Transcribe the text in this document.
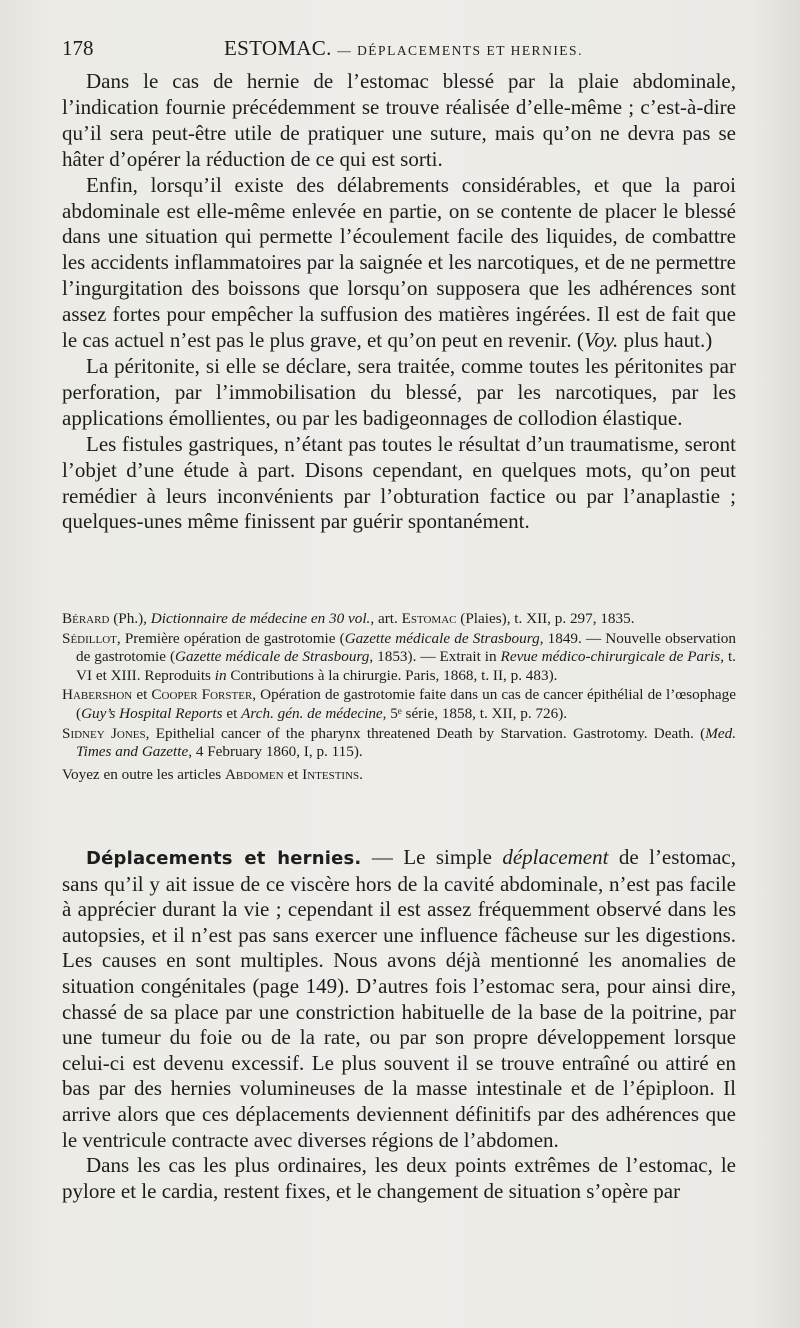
178	ESTOMAC. — DÉPLACEMENTS ET HERNIES.

Dans le cas de hernie de l’estomac blessé par la plaie abdominale, l’indication fournie précédemment se trouve réalisée d’elle-même ; c’est-à-dire qu’il sera peut-être utile de pratiquer une suture, mais qu’on ne devra pas se hâter d’opérer la réduction de ce qui est sorti.

Enfin, lorsqu’il existe des délabrements considérables, et que la paroi abdominale est elle-même enlevée en partie, on se contente de placer le blessé dans une situation qui permette l’écoulement facile des liquides, de combattre les accidents inflammatoires par la saignée et les narcotiques, et de ne permettre l’ingurgitation des boissons que lorsqu’on supposera que les adhérences sont assez fortes pour empêcher la suffusion des matières ingérées. Il est de fait que le cas actuel n’est pas le plus grave, et qu’on peut en revenir. (Voy. plus haut.)

La péritonite, si elle se déclare, sera traitée, comme toutes les péritonites par perforation, par l’immobilisation du blessé, par les narcotiques, par les applications émollientes, ou par les badigeonnages de collodion élastique.

Les fistules gastriques, n’étant pas toutes le résultat d’un traumatisme, seront l’objet d’une étude à part. Disons cependant, en quelques mots, qu’on peut remédier à leurs inconvénients par l’obturation factice ou par l’anaplastie ; quelques-unes même finissent par guérir spontanément.

Bérard (Ph.), Dictionnaire de médecine en 30 vol., art. Estomac (Plaies), t. XII, p. 297, 1835.

Sédillot, Première opération de gastrotomie (Gazette médicale de Strasbourg, 1849. — Nouvelle observation de gastrotomie (Gazette médicale de Strasbourg, 1853). — Extrait in Revue médico-chirurgicale de Paris, t. VI et XIII. Reproduits in Contributions à la chirurgie. Paris, 1868, t. II, p. 483).

Habershon et Cooper Forster, Opération de gastrotomie faite dans un cas de cancer épithélial de l’œsophage (Guy’s Hospital Reports et Arch. gén. de médecine, 5ᵉ série, 1858, t. XII, p. 726).

Sidney Jones, Epithelial cancer of the pharynx threatened Death by Starvation. Gastrotomy. Death. (Med. Times and Gazette, 4 February 1860, I, p. 115).

Voyez en outre les articles Abdomen et Intestins.

Déplacements et hernies. — Le simple déplacement de l’estomac, sans qu’il y ait issue de ce viscère hors de la cavité abdominale, n’est pas facile à apprécier durant la vie ; cependant il est assez fréquemment observé dans les autopsies, et il n’est pas sans exercer une influence fâcheuse sur les digestions. Les causes en sont multiples. Nous avons déjà mentionné les anomalies de situation congénitales (page 149). D’autres fois l’estomac sera, pour ainsi dire, chassé de sa place par une constriction habituelle de la base de la poitrine, par une tumeur du foie ou de la rate, ou par son propre développement lorsque celui-ci est devenu excessif. Le plus souvent il se trouve entraîné ou attiré en bas par des hernies volumineuses de la masse intestinale et de l’épiploon. Il arrive alors que ces déplacements deviennent définitifs par des adhérences que le ventricule contracte avec diverses régions de l’abdomen.

Dans les cas les plus ordinaires, les deux points extrêmes de l’estomac, le pylore et le cardia, restent fixes, et le changement de situation s’opère par
